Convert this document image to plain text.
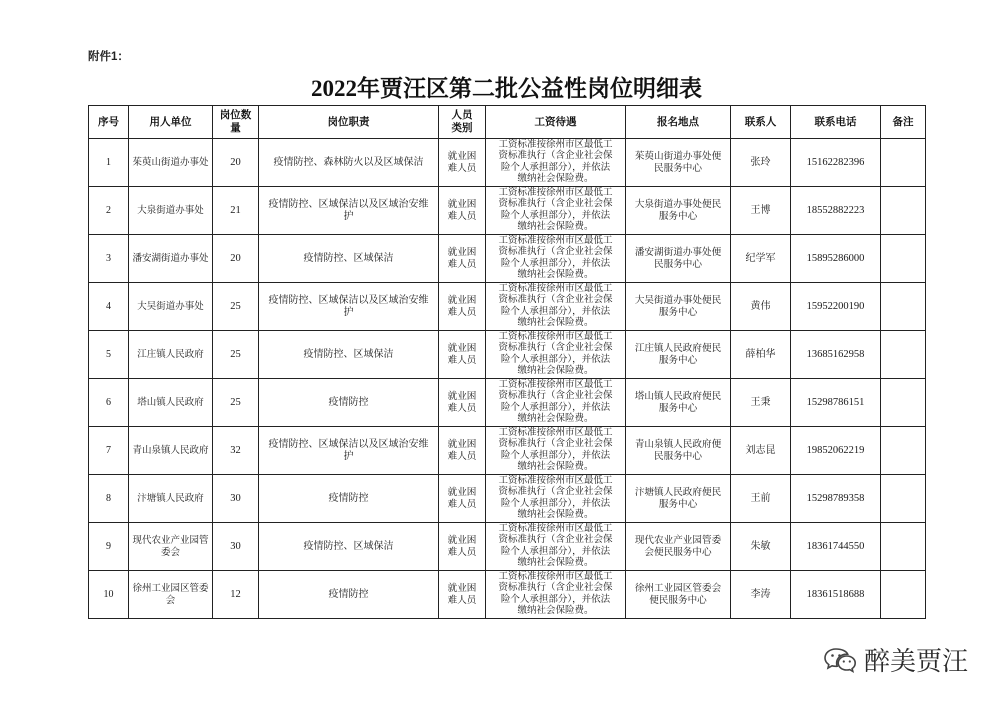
附件1：
2022年贾汪区第二批公益性岗位明细表
序号	用人单位	岗位数量	岗位职责	人员类别	工资待遇	报名地点	联系人	联系电话	备注
1	茱萸山街道办事处	20	疫情防控、森林防火以及区域保洁	就业困难人员	工资标准按徐州市区最低工资标准执行（含企业社会保险个人承担部分），并依法缴纳社会保险费。	茱萸山街道办事处便民服务中心	张玲	15162282396	
2	大泉街道办事处	21	疫情防控、区域保洁以及区域治安维护	就业困难人员	工资标准按徐州市区最低工资标准执行（含企业社会保险个人承担部分），并依法缴纳社会保险费。	大泉街道办事处便民服务中心	王博	18552882223	
3	潘安湖街道办事处	20	疫情防控、区域保洁	就业困难人员	工资标准按徐州市区最低工资标准执行（含企业社会保险个人承担部分），并依法缴纳社会保险费。	潘安湖街道办事处便民服务中心	纪学军	15895286000	
4	大吴街道办事处	25	疫情防控、区域保洁以及区域治安维护	就业困难人员	工资标准按徐州市区最低工资标准执行（含企业社会保险个人承担部分），并依法缴纳社会保险费。	大吴街道办事处便民服务中心	黄伟	15952200190	
5	江庄镇人民政府	25	疫情防控、区域保洁	就业困难人员	工资标准按徐州市区最低工资标准执行（含企业社会保险个人承担部分），并依法缴纳社会保险费。	江庄镇人民政府便民服务中心	薛柏华	13685162958	
6	塔山镇人民政府	25	疫情防控	就业困难人员	工资标准按徐州市区最低工资标准执行（含企业社会保险个人承担部分），并依法缴纳社会保险费。	塔山镇人民政府便民服务中心	王秉	15298786151	
7	青山泉镇人民政府	32	疫情防控、区域保洁以及区域治安维护	就业困难人员	工资标准按徐州市区最低工资标准执行（含企业社会保险个人承担部分），并依法缴纳社会保险费。	青山泉镇人民政府便民服务中心	刘志昆	19852062219	
8	汴塘镇人民政府	30	疫情防控	就业困难人员	工资标准按徐州市区最低工资标准执行（含企业社会保险个人承担部分），并依法缴纳社会保险费。	汴塘镇人民政府便民服务中心	王前	15298789358	
9	现代农业产业园管委会	30	疫情防控、区域保洁	就业困难人员	工资标准按徐州市区最低工资标准执行（含企业社会保险个人承担部分），并依法缴纳社会保险费。	现代农业产业园管委会便民服务中心	朱敏	18361744550	
10	徐州工业园区管委会	12	疫情防控	就业困难人员	工资标准按徐州市区最低工资标准执行（含企业社会保险个人承担部分），并依法缴纳社会保险费。	徐州工业园区管委会便民服务中心	李涛	18361518688	
醉美贾汪
